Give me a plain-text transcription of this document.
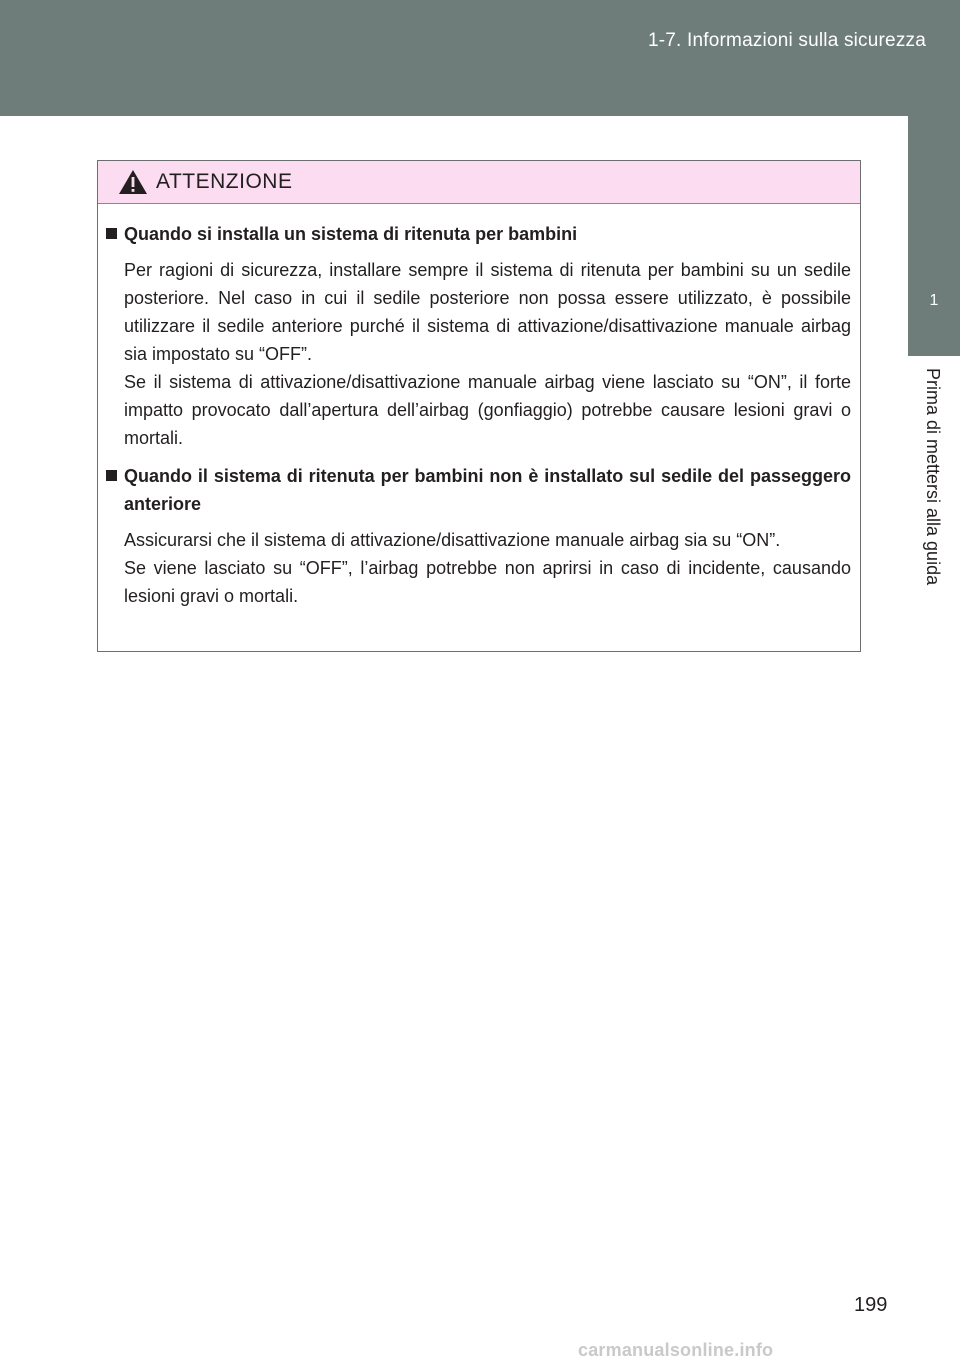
1-7. Informazioni sulla sicurezza
1
Prima di mettersi alla guida
ATTENZIONE
Quando si installa un sistema di ritenuta per bambini
Per ragioni di sicurezza, installare sempre il sistema di ritenuta per bambini su un sedile posteriore. Nel caso in cui il sedile posteriore non possa essere utilizzato, è possibile utilizzare il sedile anteriore purché il sistema di attivazione/disattivazione manuale airbag sia impostato su “OFF”.
Se il sistema di attivazione/disattivazione manuale airbag viene lasciato su “ON”, il forte impatto provocato dall’apertura dell’airbag (gonfiaggio) potrebbe causare lesioni gravi o mortali.
Quando il sistema di ritenuta per bambini non è installato sul sedile del passeggero anteriore
Assicurarsi che il sistema di attivazione/disattivazione manuale airbag sia su “ON”.
Se viene lasciato su “OFF”, l’airbag potrebbe non aprirsi in caso di incidente, causando lesioni gravi o mortali.
199
carmanualsonline.info
